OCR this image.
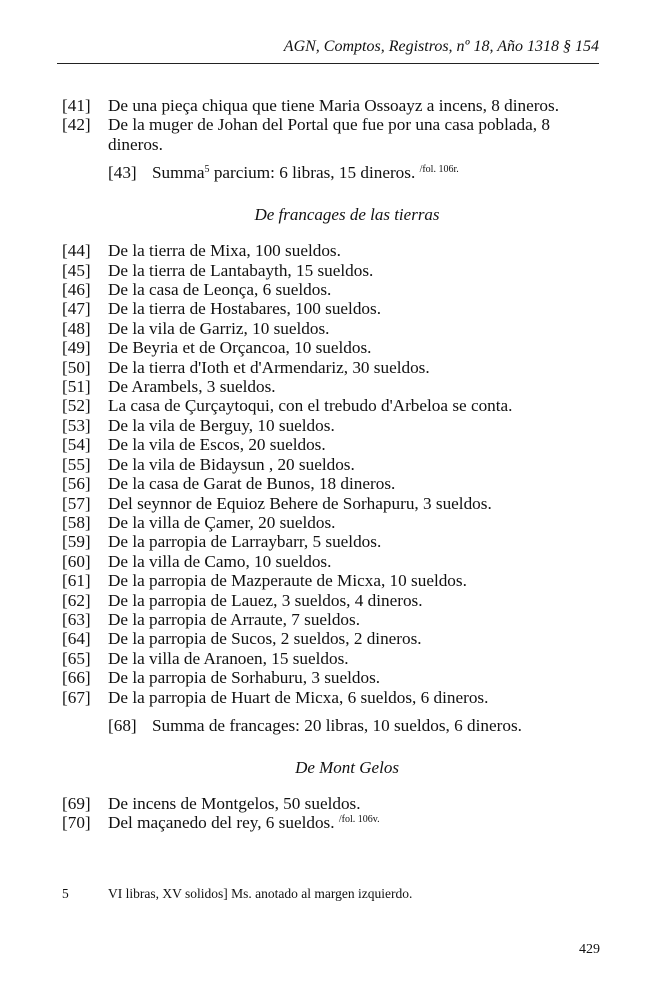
AGN, Comptos, Registros, nº 18, Año 1318 § 154
[41]	De una pieça chiqua que tiene Maria Ossoayz a incens, 8 dineros.
[42]	De la muger de Johan del Portal que fue por una casa poblada, 8 dineros.
[43] Summa$^5$ parcium: 6 libras, 15 dineros. $^{/fol. 106r.}$
De francages de las tierras
[44]	De la tierra de Mixa, 100 sueldos.
[45]	De la tierra de Lantabayth, 15 sueldos.
[46]	De la casa de Leonça, 6 sueldos.
[47]	De la tierra de Hostabares, 100 sueldos.
[48]	De la vila de Garriz, 10 sueldos.
[49]	De Beyria et de Orçancoa, 10 sueldos.
[50]	De la tierra d'Ioth et d'Armendariz, 30 sueldos.
[51]	De Arambels, 3 sueldos.
[52]	La casa de Çurçaytoqui, con el trebudo d'Arbeloa se conta.
[53]	De la vila de Berguy, 10 sueldos.
[54]	De la vila de Escos, 20 sueldos.
[55]	De la vila de Bidaysun , 20 sueldos.
[56]	De la casa de Garat de Bunos, 18 dineros.
[57]	Del seynnor de Equioz Behere de Sorhapuru, 3 sueldos.
[58]	De la villa de Çamer, 20 sueldos.
[59]	De la parropia de Larraybarr, 5 sueldos.
[60]	De la villa de Camo, 10 sueldos.
[61]	De la parropia de Mazperaute de Micxa, 10 sueldos.
[62]	De la parropia de Lauez, 3 sueldos, 4 dineros.
[63]	De la parropia de Arraute, 7 sueldos.
[64]	De la parropia de Sucos, 2 sueldos, 2 dineros.
[65]	De la villa de Aranoen, 15 sueldos.
[66]	De la parropia de Sorhaburu, 3 sueldos.
[67]	De la parropia de Huart de Micxa, 6 sueldos, 6 dineros.
[68] Summa de francages: 20 libras, 10 sueldos, 6 dineros.
De Mont Gelos
[69]	De incens de Montgelos, 50 sueldos.
[70]	Del maçanedo del rey, 6 sueldos. $^{/fol. 106v.}$
5	VI libras, XV solidos] Ms. anotado al margen izquierdo.
429
